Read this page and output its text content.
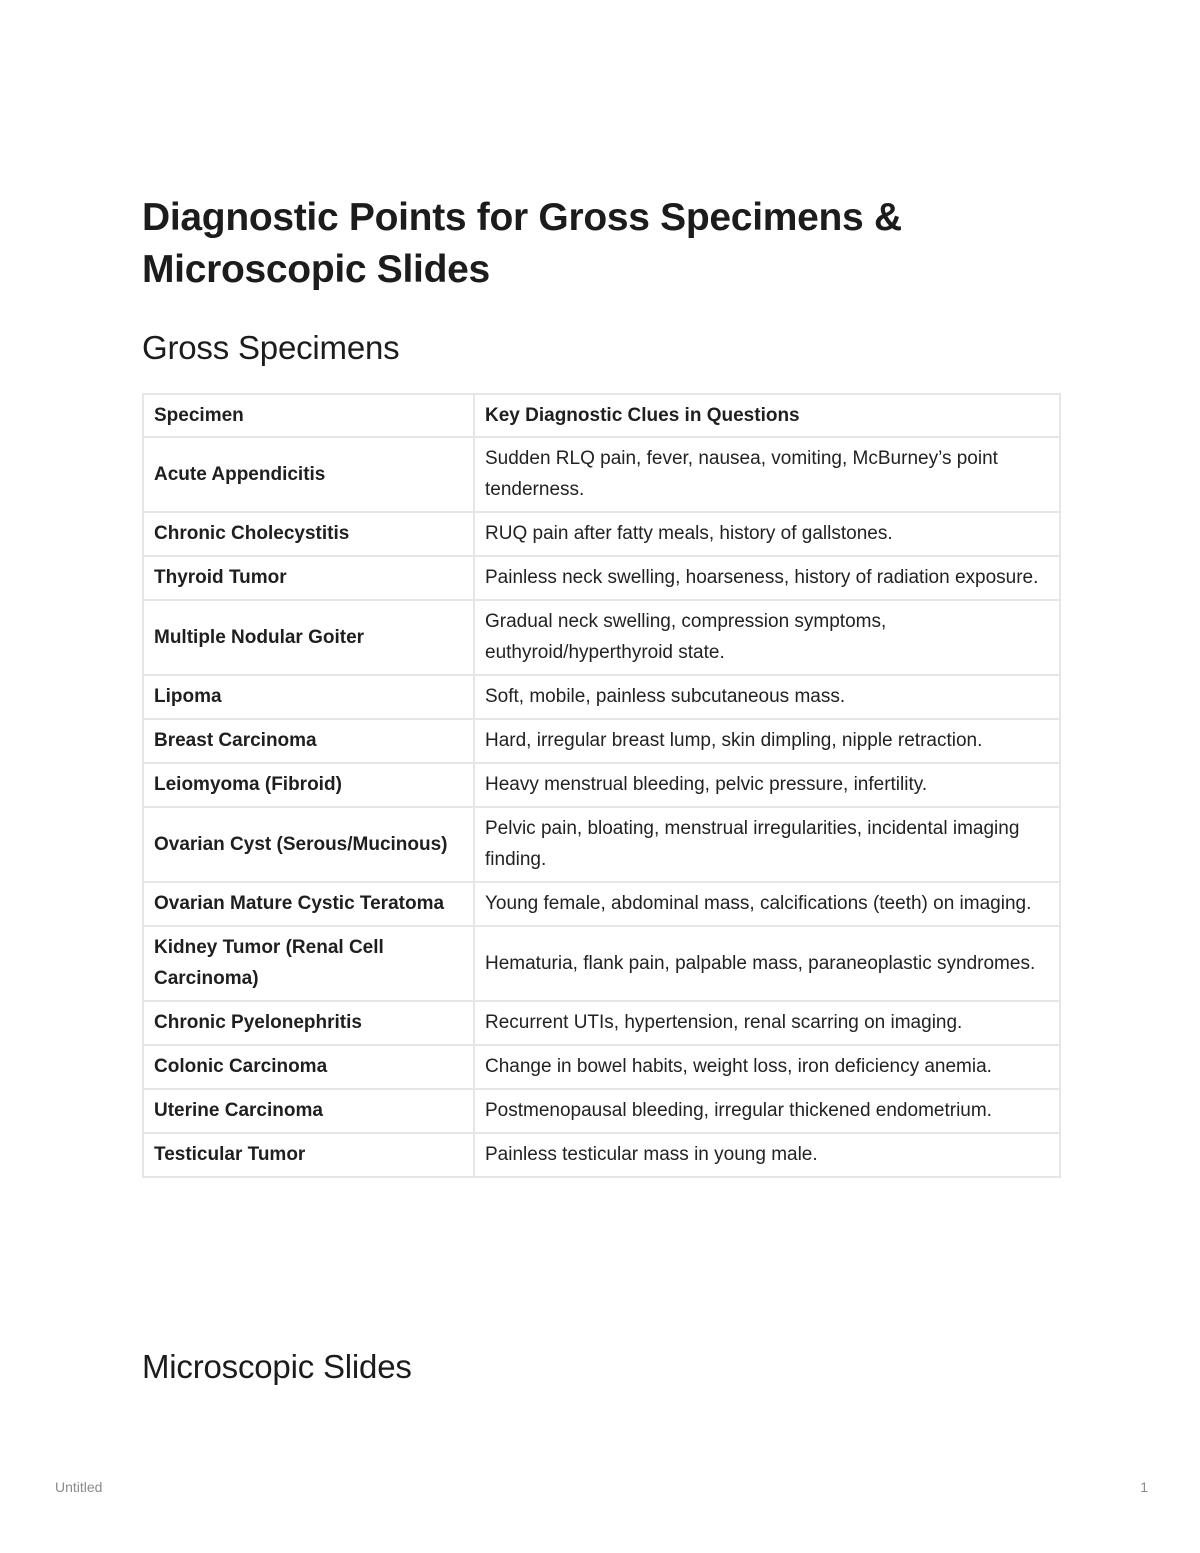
Diagnostic Points for Gross Specimens & Microscopic Slides
Gross Specimens
Specimen	Key Diagnostic Clues in Questions
Acute Appendicitis	Sudden RLQ pain, fever, nausea, vomiting, McBurney’s point tenderness.
Chronic Cholecystitis	RUQ pain after fatty meals, history of gallstones.
Thyroid Tumor	Painless neck swelling, hoarseness, history of radiation exposure.
Multiple Nodular Goiter	Gradual neck swelling, compression symptoms, euthyroid/hyperthyroid state.
Lipoma	Soft, mobile, painless subcutaneous mass.
Breast Carcinoma	Hard, irregular breast lump, skin dimpling, nipple retraction.
Leiomyoma (Fibroid)	Heavy menstrual bleeding, pelvic pressure, infertility.
Ovarian Cyst (Serous/Mucinous)	Pelvic pain, bloating, menstrual irregularities, incidental imaging finding.
Ovarian Mature Cystic Teratoma	Young female, abdominal mass, calcifications (teeth) on imaging.
Kidney Tumor (Renal Cell Carcinoma)	Hematuria, flank pain, palpable mass, paraneoplastic syndromes.
Chronic Pyelonephritis	Recurrent UTIs, hypertension, renal scarring on imaging.
Colonic Carcinoma	Change in bowel habits, weight loss, iron deficiency anemia.
Uterine Carcinoma	Postmenopausal bleeding, irregular thickened endometrium.
Testicular Tumor	Painless testicular mass in young male.
Microscopic Slides
Untitled	1
